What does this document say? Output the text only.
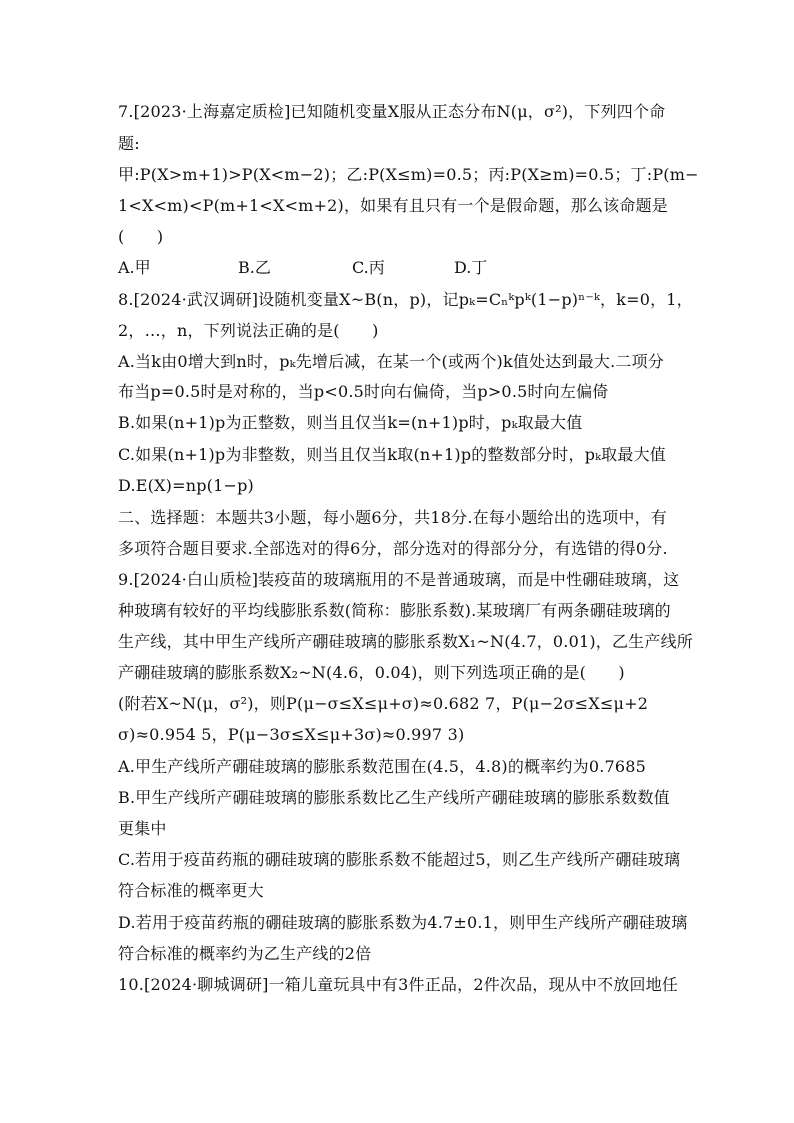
7.[2023·上海嘉定质检]已知随机变量X服从正态分布N(μ，σ²)，下列四个命
题:
甲:P(X>m+1)>P(X<m−2)；乙:P(X≤m)=0.5；丙:P(X≥m)=0.5；丁:P(m−
1<X<m)<P(m+1<X<m+2)，如果有且只有一个是假命题，那么该命题是
(　　)
A.甲	B.乙	C.丙	D.丁
8.[2024·武汉调研]设随机变量X~B(n，p)，记pₖ=Cₙᵏpᵏ(1−p)ⁿ⁻ᵏ，k=0，1，
2，…，n，下列说法正确的是(　　)
A.当k由0增大到n时，pₖ先增后减，在某一个(或两个)k值处达到最大.二项分
布当p=0.5时是对称的，当p<0.5时向右偏倚，当p>0.5时向左偏倚
B.如果(n+1)p为正整数，则当且仅当k=(n+1)p时，pₖ取最大值
C.如果(n+1)p为非整数，则当且仅当k取(n+1)p的整数部分时，pₖ取最大值
D.E(X)=np(1−p)
二、选择题：本题共3小题，每小题6分，共18分.在每小题给出的选项中，有
多项符合题目要求.全部选对的得6分，部分选对的得部分分，有选错的得0分.
9.[2024·白山质检]装疫苗的玻璃瓶用的不是普通玻璃，而是中性硼硅玻璃，这
种玻璃有较好的平均线膨胀系数(简称：膨胀系数).某玻璃厂有两条硼硅玻璃的
生产线，其中甲生产线所产硼硅玻璃的膨胀系数X₁~N(4.7，0.01)，乙生产线所
产硼硅玻璃的膨胀系数X₂~N(4.6，0.04)，则下列选项正确的是(　　)
(附若X~N(μ，σ²)，则P(μ−σ≤X≤μ+σ)≈0.682 7，P(μ−2σ≤X≤μ+2
σ)≈0.954 5，P(μ−3σ≤X≤μ+3σ)≈0.997 3)
A.甲生产线所产硼硅玻璃的膨胀系数范围在(4.5，4.8)的概率约为0.7685
B.甲生产线所产硼硅玻璃的膨胀系数比乙生产线所产硼硅玻璃的膨胀系数数值
更集中
C.若用于疫苗药瓶的硼硅玻璃的膨胀系数不能超过5，则乙生产线所产硼硅玻璃
符合标准的概率更大
D.若用于疫苗药瓶的硼硅玻璃的膨胀系数为4.7±0.1，则甲生产线所产硼硅玻璃
符合标准的概率约为乙生产线的2倍
10.[2024·聊城调研]一箱儿童玩具中有3件正品，2件次品，现从中不放回地任
